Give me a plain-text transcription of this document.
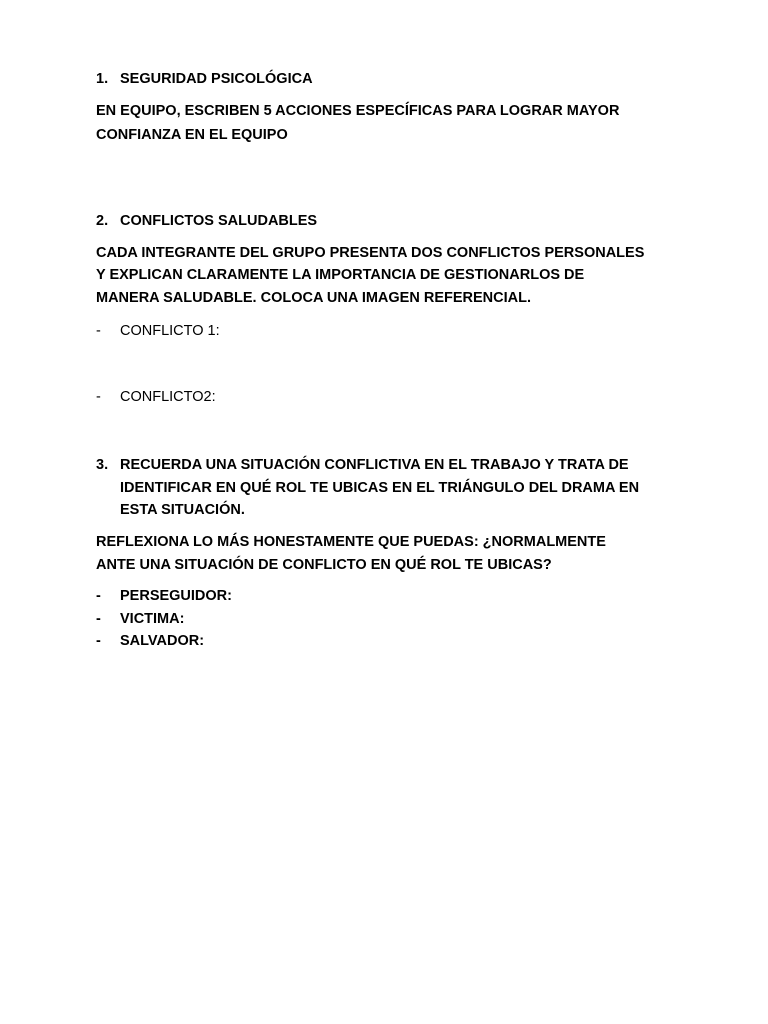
1. SEGURIDAD PSICOLÓGICA
EN EQUIPO, ESCRIBEN 5 ACCIONES ESPECÍFICAS PARA LOGRAR MAYOR
CONFIANZA EN EL EQUIPO
2. CONFLICTOS SALUDABLES
CADA INTEGRANTE DEL GRUPO PRESENTA DOS CONFLICTOS PERSONALES
Y EXPLICAN CLARAMENTE LA IMPORTANCIA DE GESTIONARLOS DE
MANERA SALUDABLE. COLOCA UNA IMAGEN REFERENCIAL.
- CONFLICTO 1:
- CONFLICTO2:
3. RECUERDA UNA SITUACIÓN CONFLICTIVA EN EL TRABAJO Y TRATA DE
IDENTIFICAR EN QUÉ ROL TE UBICAS EN EL TRIÁNGULO DEL DRAMA EN
ESTA SITUACIÓN.
REFLEXIONA LO MÁS HONESTAMENTE QUE PUEDAS: ¿NORMALMENTE
ANTE UNA SITUACIÓN DE CONFLICTO EN QUÉ ROL TE UBICAS?
- PERSEGUIDOR:
- VICTIMA:
- SALVADOR:
